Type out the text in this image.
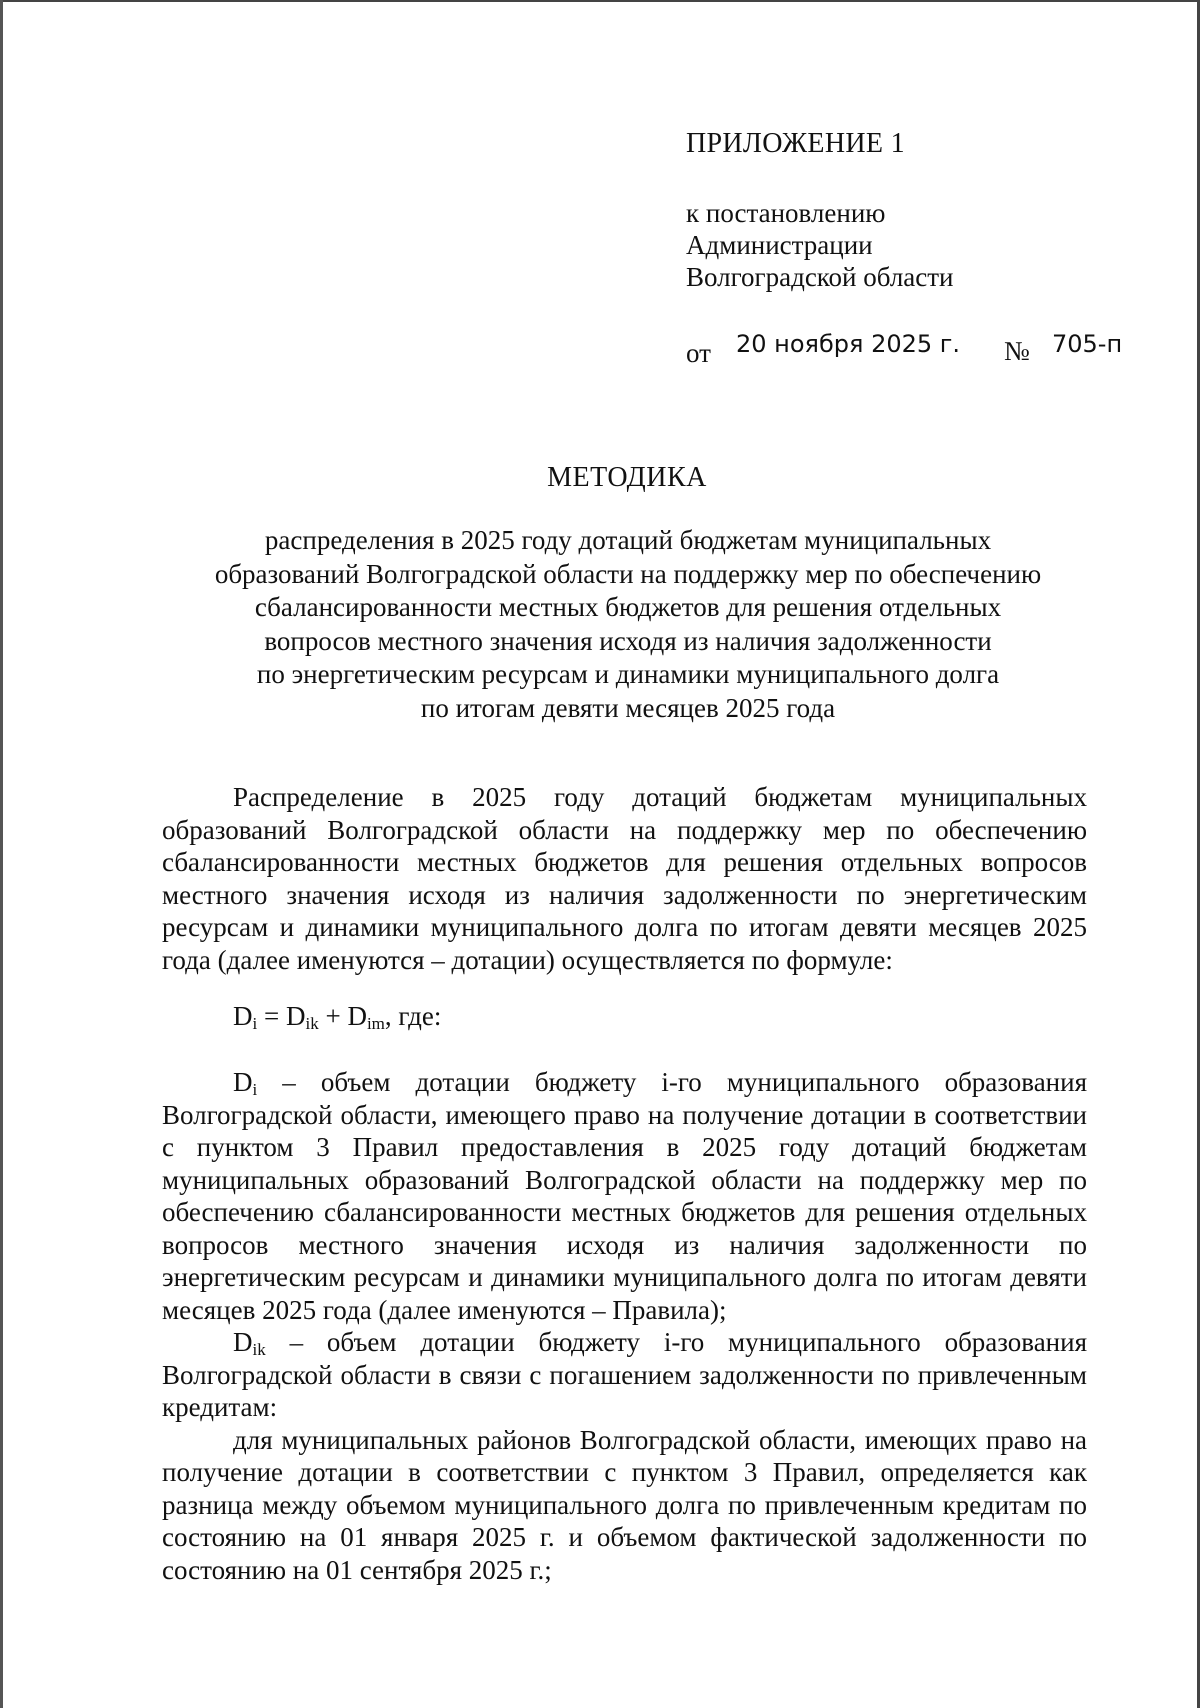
ПРИЛОЖЕНИЕ 1
к постановлению
Администрации
Волгоградской области
от 20 ноября 2025 г. № 705-п
МЕТОДИКА
распределения в 2025 году дотаций бюджетам муниципальных
образований Волгоградской области на поддержку мер по обеспечению
сбалансированности местных бюджетов для решения отдельных
вопросов местного значения исходя из наличия задолженности
по энергетическим ресурсам и динамики муниципального долга
по итогам девяти месяцев 2025 года

Распределение в 2025 году дотаций бюджетам муниципальных образований Волгоградской области на поддержку мер по обеспечению сбалансированности местных бюджетов для решения отдельных вопросов местного значения исходя из наличия задолженности по энергетическим ресурсам и динамики муниципального долга по итогам девяти месяцев 2025 года (далее именуются – дотации) осуществляется по формуле:

$D_i = D_{ik} + D_{im}$, где:

$D_i$ – объем дотации бюджету i-го муниципального образования Волгоградской области, имеющего право на получение дотации в соответствии с пунктом 3 Правил предоставления в 2025 году дотаций бюджетам муниципальных образований Волгоградской области на поддержку мер по обеспечению сбалансированности местных бюджетов для решения отдельных вопросов местного значения исходя из наличия задолженности по энергетическим ресурсам и динамики муниципального долга по итогам девяти месяцев 2025 года (далее именуются – Правила);

$D_{ik}$ – объем дотации бюджету i-го муниципального образования Волгоградской области в связи с погашением задолженности по привлеченным кредитам:

для муниципальных районов Волгоградской области, имеющих право на получение дотации в соответствии с пунктом 3 Правил, определяется как разница между объемом муниципального долга по привлеченным кредитам по состоянию на 01 января 2025 г. и объемом фактической задолженности по состоянию на 01 сентября 2025 г.;
